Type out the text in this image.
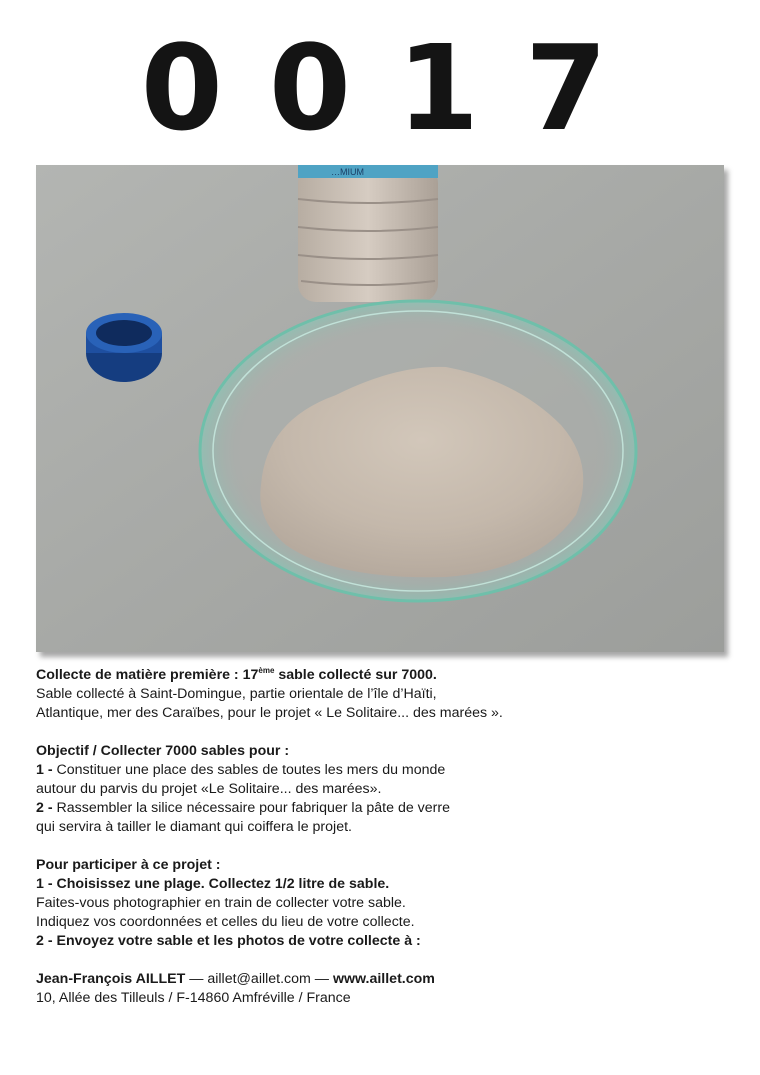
0017
…MIUM

Collecte de matière première : 17ème sable collecté sur 7000.

Sable collecté à Saint-Domingue, partie orientale de l’île d’Haïti,

Atlantique, mer des Caraïbes, pour le projet « Le Solitaire... des marées ».

Objectif / Collecter 7000 sables pour :

1 - Constituer une place des sables de toutes les mers du monde

autour du parvis du projet «Le Solitaire... des marées».

2 - Rassembler la silice nécessaire pour fabriquer la pâte de verre

qui servira à tailler le diamant qui coiffera le projet.

Pour participer à ce projet :

1 - Choisissez une plage. Collectez 1/2 litre de sable.

Faites-vous photographier en train de collecter votre sable.

Indiquez vos coordonnées et celles du lieu de votre collecte.

2 - Envoyez votre sable et les photos de votre collecte à :

Jean-François AILLET — aillet@aillet.com — www.aillet.com

10, Allée des Tilleuls / F-14860 Amfréville / France
